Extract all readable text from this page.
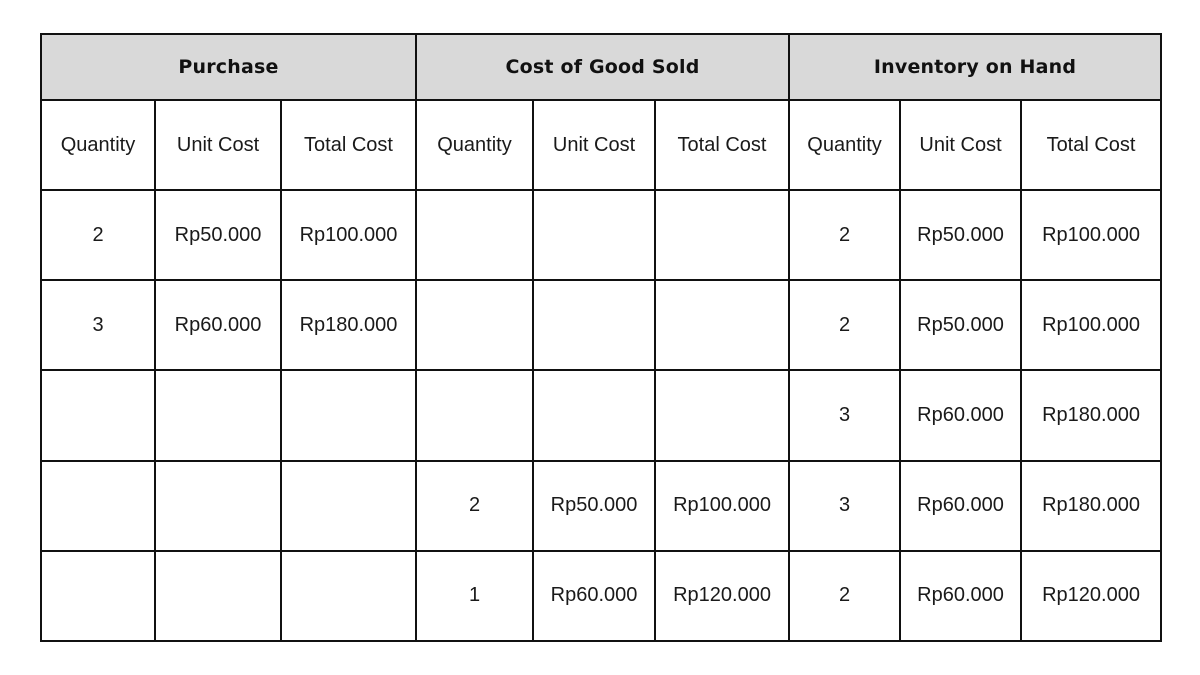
Purchase			Cost of Good Sold			Inventory on Hand		
Quantity	Unit Cost	Total Cost	Quantity	Unit Cost	Total Cost	Quantity	Unit Cost	Total Cost
2	Rp50.000	Rp100.000				2	Rp50.000	Rp100.000
3	Rp60.000	Rp180.000				2	Rp50.000	Rp100.000
						3	Rp60.000	Rp180.000
			2	Rp50.000	Rp100.000	3	Rp60.000	Rp180.000
			1	Rp60.000	Rp120.000	2	Rp60.000	Rp120.000
